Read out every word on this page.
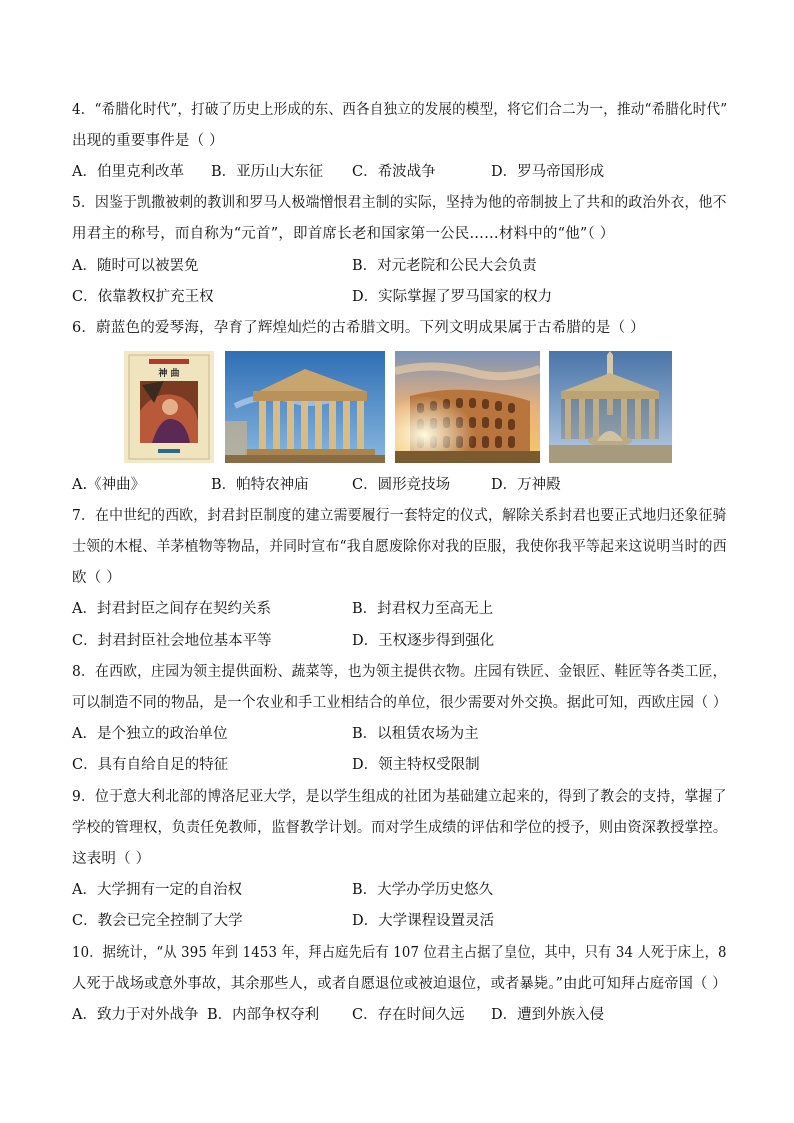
4．“希腊化时代”，打破了历史上形成的东、西各自独立的发展的模型，将它们合二为一，推动“希腊化时代”
出现的重要事件是（ ）
A．伯里克利改革 B．亚历山大东征 C．希波战争	D．罗马帝国形成
5．因鉴于凯撒被刺的教训和罗马人极端憎恨君主制的实际，坚持为他的帝制披上了共和的政治外衣，他不
用君主的称号，而自称为“元首”，即首席长老和国家第一公民……材料中的“他”（ ）
A．随时可以被罢免	B．对元老院和公民大会负责
C．依靠教权扩充王权	D．实际掌握了罗马国家的权力
6．蔚蓝色的爱琴海，孕育了辉煌灿烂的古希腊文明。下列文明成果属于古希腊的是（ ）
神 曲
A.《神曲》	B．帕特农神庙	C．圆形竞技场	D．万神殿
7．在中世纪的西欧，封君封臣制度的建立需要履行一套特定的仪式，解除关系封君也要正式地归还象征骑
士领的木棍、羊茅植物等物品，并同时宣布“我自愿废除你对我的臣服，我使你我平等起来这说明当时的西
欧（ ）
A．封君封臣之间存在契约关系	B．封君权力至高无上
C．封君封臣社会地位基本平等	D．王权逐步得到强化
8．在西欧，庄园为领主提供面粉、蔬菜等，也为领主提供衣物。庄园有铁匠、金银匠、鞋匠等各类工匠，
可以制造不同的物品，是一个农业和手工业相结合的单位，很少需要对外交换。据此可知，西欧庄园（ ）
A．是个独立的政治单位	B．以租赁农场为主
C．具有自给自足的特征	D．领主特权受限制
9．位于意大利北部的博洛尼亚大学，是以学生组成的社团为基础建立起来的，得到了教会的支持，掌握了
学校的管理权，负责任免教师，监督教学计划。而对学生成绩的评估和学位的授予，则由资深教授掌控。
这表明（ ）
A．大学拥有一定的自治权	B．大学办学历史悠久
C．教会已完全控制了大学	D．大学课程设置灵活
10．据统计，“从 395 年到 1453 年，拜占庭先后有 107 位君主占据了皇位，其中，只有 34 人死于床上，8
人死于战场或意外事故，其余那些人，或者自愿退位或被迫退位，或者暴毙。”由此可知拜占庭帝国（ ）
A．致力于对外战争 B．内部争权夺利 C．存在时间久远 D．遭到外族入侵
